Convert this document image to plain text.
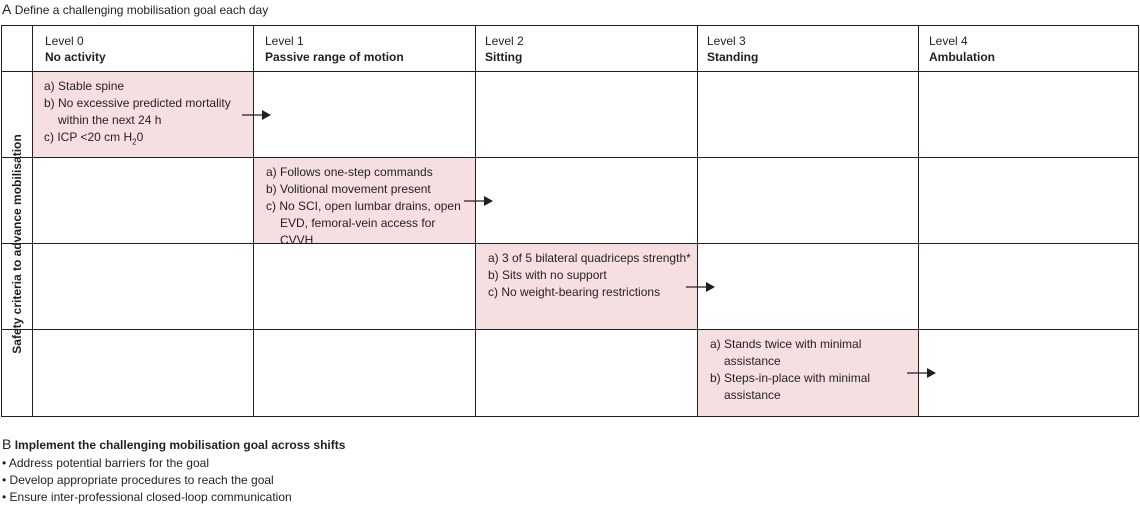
A Define a challenging mobilisation goal each day
Safety criteria to advance mobilisation
Level 0
No activity
Level 1
Passive range of motion
Level 2
Sitting
Level 3
Standing
Level 4
Ambulation
a) Stable spine
b) No excessive predicted mortality within the next 24 h
c) ICP <20 cm $H_20$
a) Follows one-step commands
b) Volitional movement present
c) No SCI, open lumbar drains, open EVD, femoral-vein access for CVVH
a) 3 of 5 bilateral quadriceps strength*
b) Sits with no support
c) No weight-bearing restrictions
a) Stands twice with minimal assistance
b) Steps-in-place with minimal assistance
B Implement the challenging mobilisation goal across shifts
• Address potential barriers for the goal
• Develop appropriate procedures to reach the goal
• Ensure inter-professional closed-loop communication
